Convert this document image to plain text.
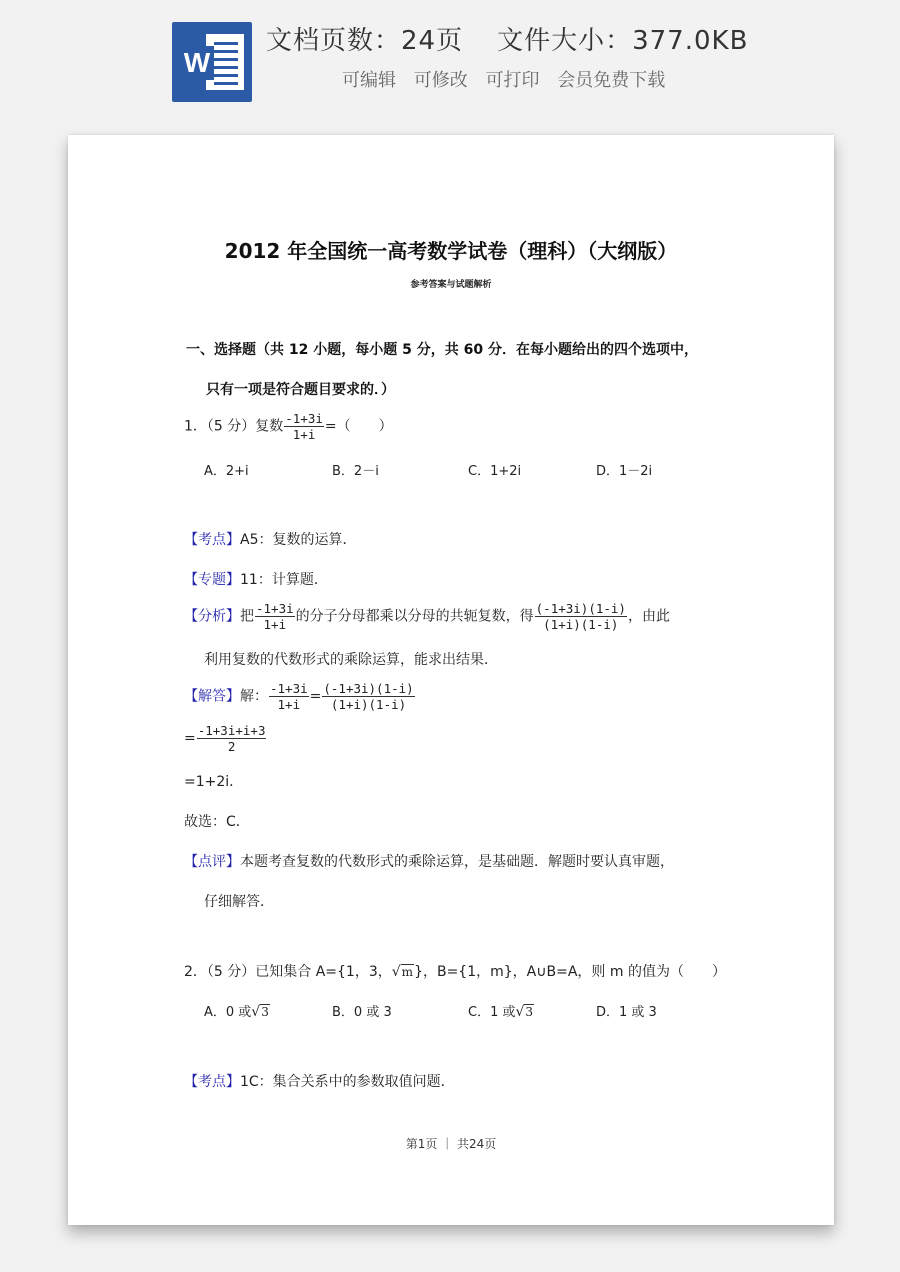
W
文档页数：24页 文件大小：377.0KB
可编辑 可修改 可打印 会员免费下载
2012 年全国统一高考数学试卷（理科）（大纲版）
参考答案与试题解析
一、选择题（共 12 小题，每小题 5 分，共 60 分．在每小题给出的四个选项中，
只有一项是符合题目要求的．）
1．（5 分）复数 $\frac{-1+3i}{1+i}$ =（　　）
A．2+i	B．2－i	C．1+2i	D．1－2i
【考点】A5：复数的运算．
【专题】11：计算题．
【分析】把 $\frac{-1+3i}{1+i}$ 的分子分母都乘以分母的共轭复数，得 $\frac{(-1+3i)(1-i)}{(1+i)(1-i)}$ ，由此
利用复数的代数形式的乘除运算，能求出结果．
【解答】解： $\frac{-1+3i}{1+i} = \frac{(-1+3i)(1-i)}{(1+i)(1-i)}$
= $\frac{-1+3i+i+3}{2}$
=1+2i．
故选：C．
【点评】本题考查复数的代数形式的乘除运算，是基础题．解题时要认真审题，
仔细解答．
2．（5 分）已知集合 A={1，3，√m}，B={1，m}，A∪B=A，则 m 的值为（　　）
A．0 或√3	B．0 或 3	C．1 或√3	D．1 或 3
【考点】1C：集合关系中的参数取值问题．
第1页 ｜ 共24页
